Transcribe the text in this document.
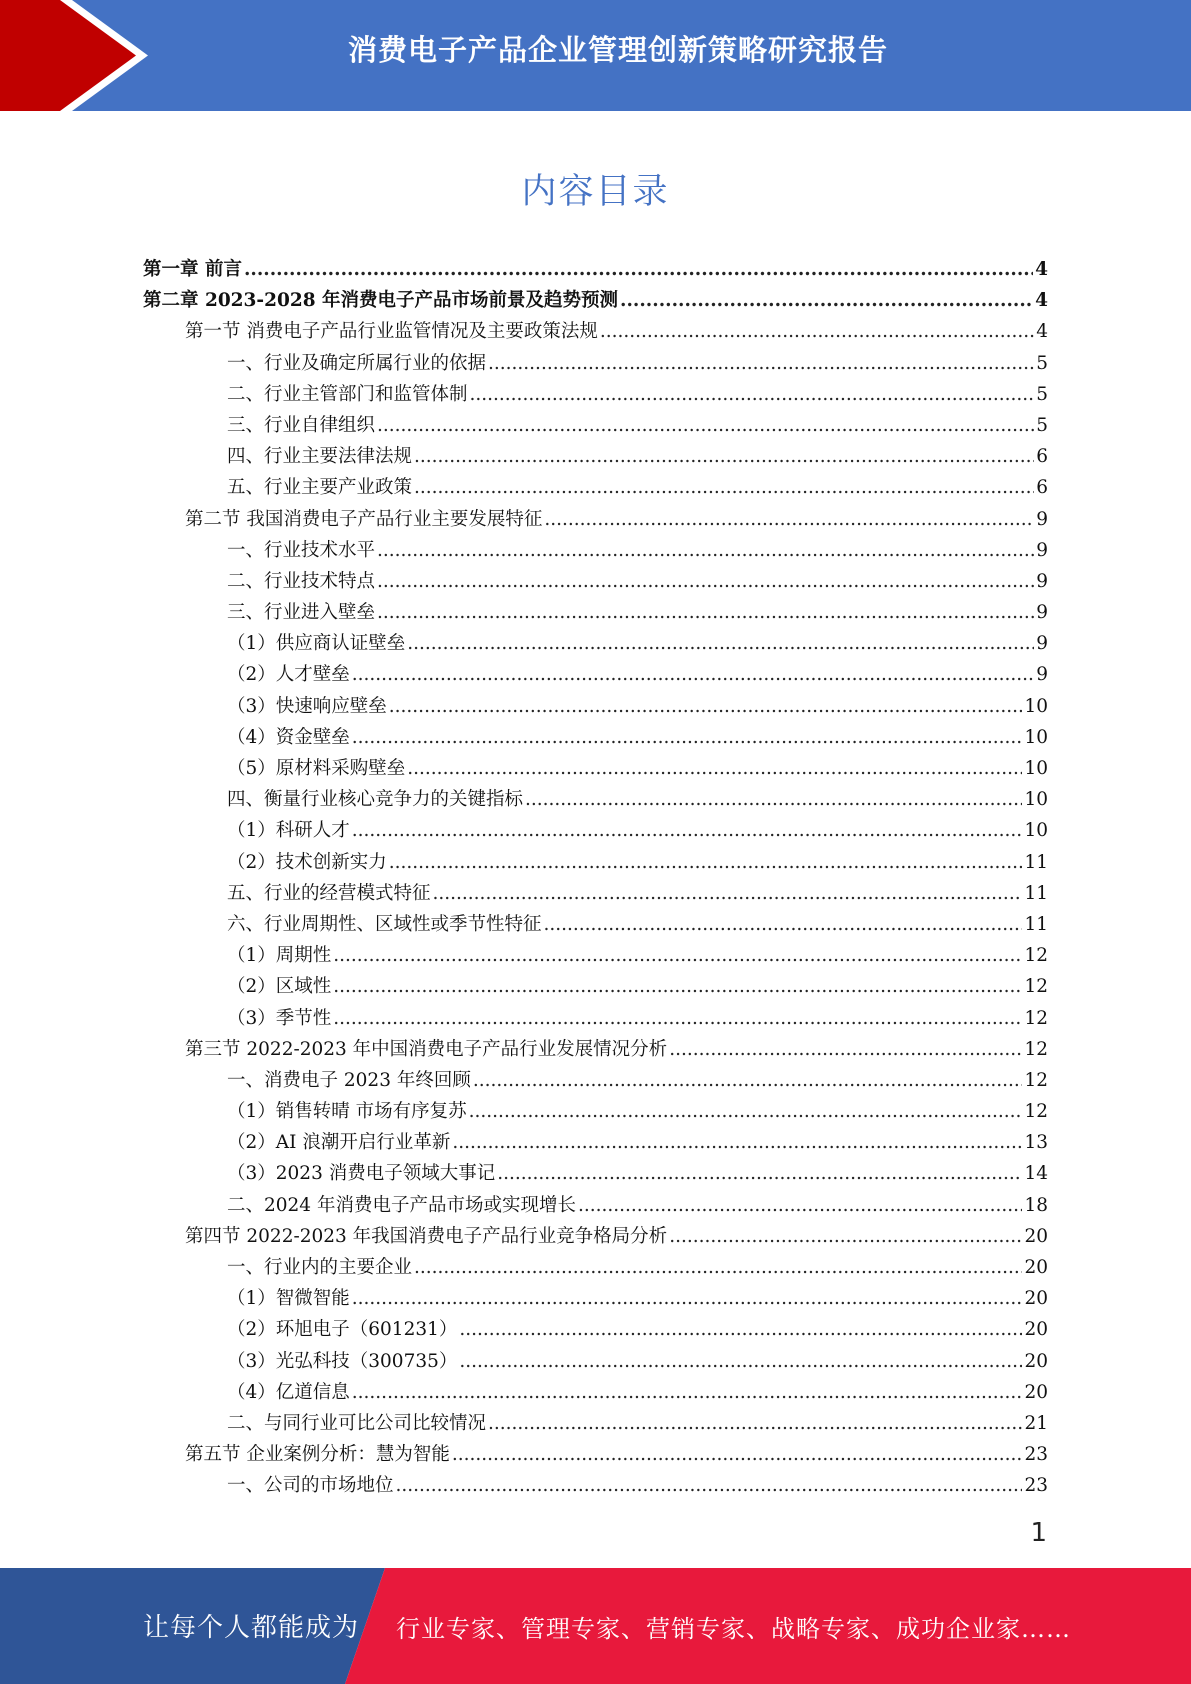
消费电子产品企业管理创新策略研究报告
内容目录
第一章 前言 .....	4
第二章 2023-2028 年消费电子产品市场前景及趋势预测 .....	4
第一节 消费电子产品行业监管情况及主要政策法规 .....	4
一、行业及确定所属行业的依据 .....	5
二、行业主管部门和监管体制 .....	5
三、行业自律组织 .....	5
四、行业主要法律法规 .....	6
五、行业主要产业政策 .....	6
第二节 我国消费电子产品行业主要发展特征 .....	9
一、行业技术水平 .....	9
二、行业技术特点 .....	9
三、行业进入壁垒 .....	9
（1）供应商认证壁垒 .....	9
（2）人才壁垒 .....	9
（3）快速响应壁垒 .....	10
（4）资金壁垒 .....	10
（5）原材料采购壁垒 .....	10
四、衡量行业核心竞争力的关键指标 .....	10
（1）科研人才 .....	10
（2）技术创新实力 .....	11
五、行业的经营模式特征 .....	11
六、行业周期性、区域性或季节性特征 .....	11
（1）周期性 .....	12
（2）区域性 .....	12
（3）季节性 .....	12
第三节 2022-2023 年中国消费电子产品行业发展情况分析 .....	12
一、消费电子 2023 年终回顾 .....	12
（1）销售转晴 市场有序复苏 .....	12
（2）AI 浪潮开启行业革新 .....	13
（3）2023 消费电子领域大事记 .....	14
二、2024 年消费电子产品市场或实现增长 .....	18
第四节 2022-2023 年我国消费电子产品行业竞争格局分析 .....	20
一、行业内的主要企业 .....	20
（1）智微智能 .....	20
（2）环旭电子（601231） .....	20
（3）光弘科技（300735） .....	20
（4）亿道信息 .....	20
二、与同行业可比公司比较情况 .....	21
第五节 企业案例分析：慧为智能 .....	23
一、公司的市场地位 .....	23
1
让每个人都能成为 行业专家、管理专家、营销专家、战略专家、成功企业家……
